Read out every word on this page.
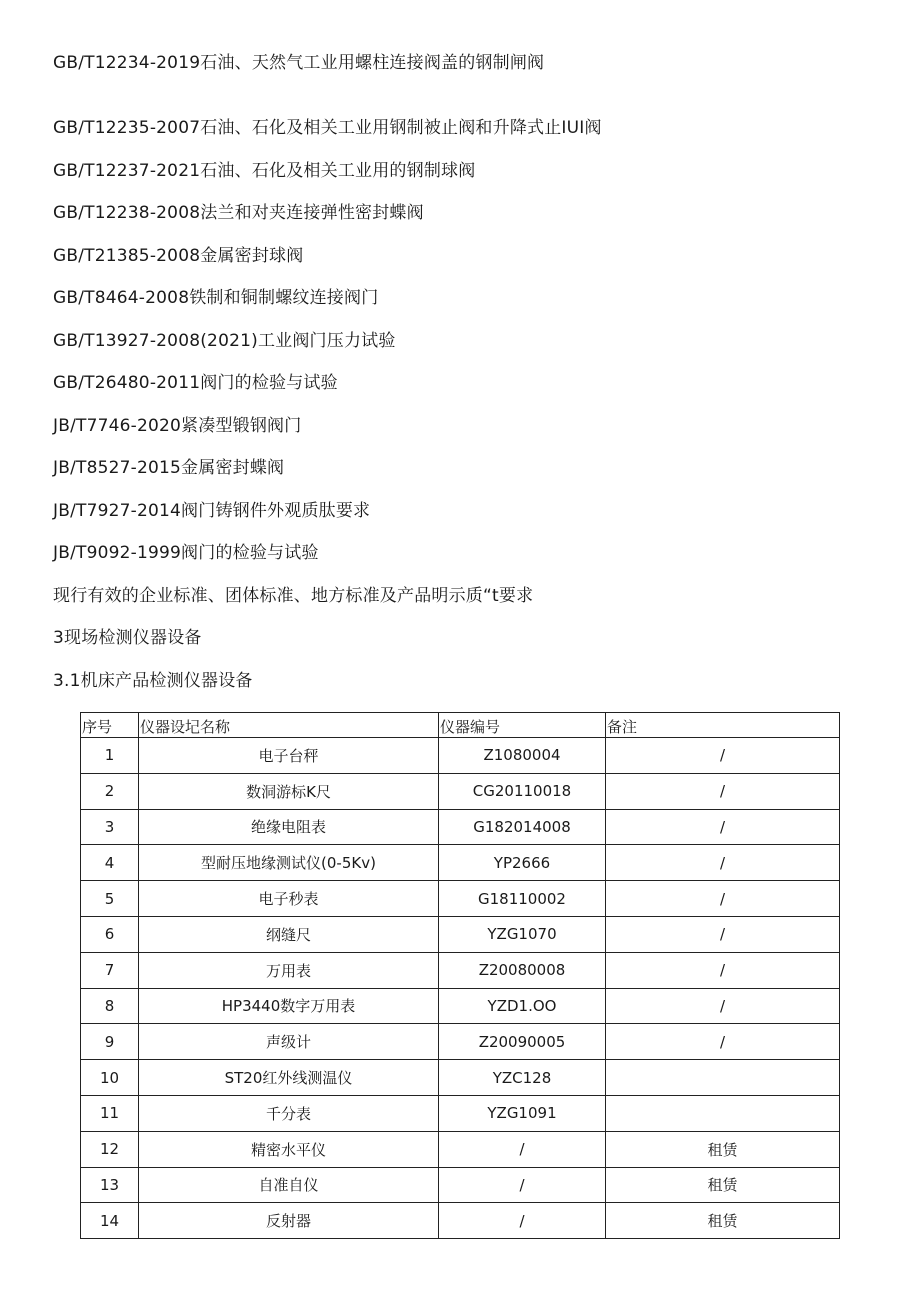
GB/T12234-2019石油、天然气工业用螺柱连接阀盖的钢制闸阀
GB/T12235-2007石油、石化及相关工业用钢制被止阀和升降式止IUI阀
GB/T12237-2021石油、石化及相关工业用的钢制球阀
GB/T12238-2008法兰和对夹连接弹性密封蝶阀
GB/T21385-2008金属密封球阀
GB/T8464-2008铁制和铜制螺纹连接阀门
GB/T13927-2008(2021)工业阀门压力试验
GB/T26480-2011阀门的检验与试验
JB/T7746-2020紧凑型锻钢阀门
JB/T8527-2015金属密封蝶阀
JB/T7927-2014阀门铸钢件外观质肽要求
JB/T9092-1999阀门的检验与试验
现行有效的企业标准、团体标准、地方标准及产品明示质“t要求
3现场检测仪器设备
3.1机床产品检测仪器设备
序号	仪器设圮名称	仪器编号	备注
1	电子台秤	Z1080004	/
2	数洞游标K尺	CG20110018	/
3	绝缘电阻表	G182014008	/
4	型耐压地缘测试仪(0-5Kv)	YP2666	/
5	电子秒表	G18110002	/
6	纲缝尺	YZG1070	/
7	万用表	Z20080008	/
8	HP3440数字万用表	YZD1.OO	/
9	声级计	Z20090005	/
10	ST20红外线测温仪	YZC128	
11	千分表	YZG1091	
12	精密水平仪	/	租赁
13	自准自仪	/	租赁
14	反射器	/	租赁
